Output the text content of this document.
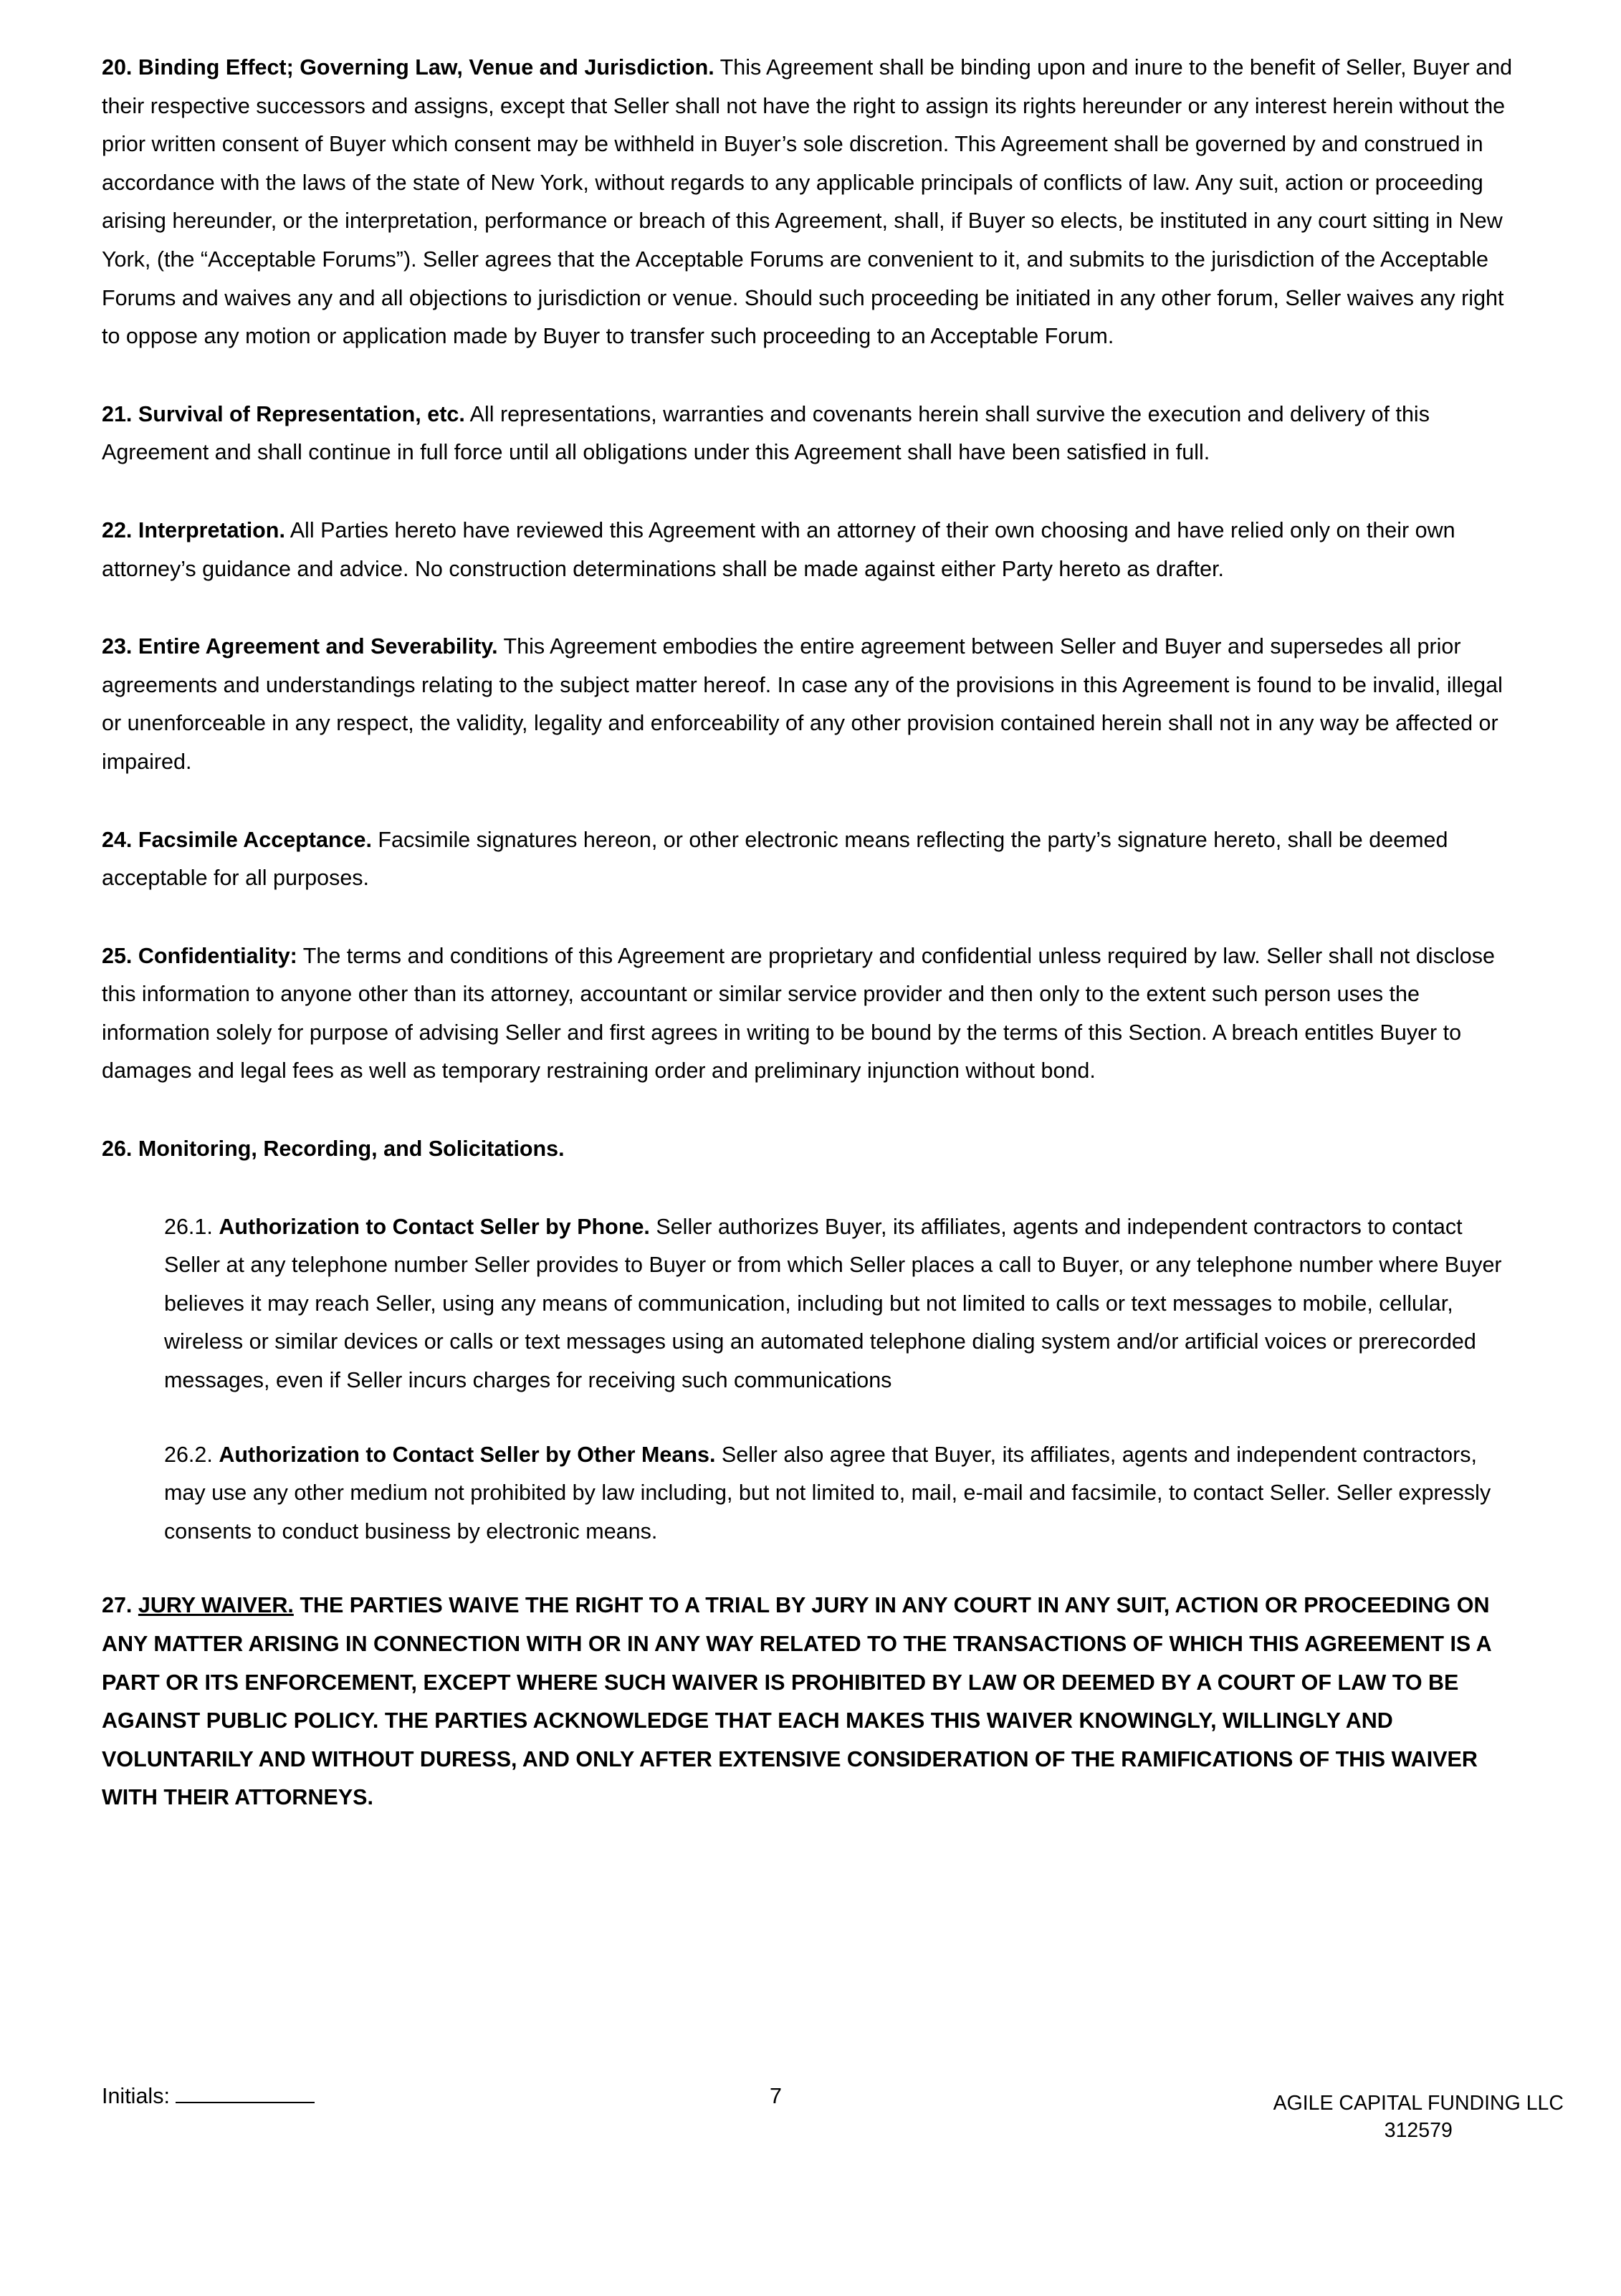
20. Binding Effect; Governing Law, Venue and Jurisdiction. This Agreement shall be binding upon and inure to the benefit of Seller, Buyer and their respective successors and assigns, except that Seller shall not have the right to assign its rights hereunder or any interest herein without the prior written consent of Buyer which consent may be withheld in Buyer’s sole discretion. This Agreement shall be governed by and construed in accordance with the laws of the state of New York, without regards to any applicable principals of conflicts of law. Any suit, action or proceeding arising hereunder, or the interpretation, performance or breach of this Agreement, shall, if Buyer so elects, be instituted in any court sitting in New York, (the “Acceptable Forums”). Seller agrees that the Acceptable Forums are convenient to it, and submits to the jurisdiction of the Acceptable Forums and waives any and all objections to jurisdiction or venue. Should such proceeding be initiated in any other forum, Seller waives any right to oppose any motion or application made by Buyer to transfer such proceeding to an Acceptable Forum.

21. Survival of Representation, etc. All representations, warranties and covenants herein shall survive the execution and delivery of this Agreement and shall continue in full force until all obligations under this Agreement shall have been satisfied in full.

22. Interpretation. All Parties hereto have reviewed this Agreement with an attorney of their own choosing and have relied only on their own attorney’s guidance and advice. No construction determinations shall be made against either Party hereto as drafter.

23. Entire Agreement and Severability. This Agreement embodies the entire agreement between Seller and Buyer and supersedes all prior agreements and understandings relating to the subject matter hereof. In case any of the provisions in this Agreement is found to be invalid, illegal or unenforceable in any respect, the validity, legality and enforceability of any other provision contained herein shall not in any way be affected or impaired.

24. Facsimile Acceptance. Facsimile signatures hereon, or other electronic means reflecting the party’s signature hereto, shall be deemed acceptable for all purposes.

25. Confidentiality: The terms and conditions of this Agreement are proprietary and confidential unless required by law. Seller shall not disclose this information to anyone other than its attorney, accountant or similar service provider and then only to the extent such person uses the information solely for purpose of advising Seller and first agrees in writing to be bound by the terms of this Section. A breach entitles Buyer to damages and legal fees as well as temporary restraining order and preliminary injunction without bond.

26. Monitoring, Recording, and Solicitations.

26.1. Authorization to Contact Seller by Phone. Seller authorizes Buyer, its affiliates, agents and independent contractors to contact Seller at any telephone number Seller provides to Buyer or from which Seller places a call to Buyer, or any telephone number where Buyer believes it may reach Seller, using any means of communication, including but not limited to calls or text messages to mobile, cellular, wireless or similar devices or calls or text messages using an automated telephone dialing system and/or artificial voices or prerecorded messages, even if Seller incurs charges for receiving such communications

26.2. Authorization to Contact Seller by Other Means. Seller also agree that Buyer, its affiliates, agents and independent contractors, may use any other medium not prohibited by law including, but not limited to, mail, e-mail and facsimile, to contact Seller. Seller expressly consents to conduct business by electronic means.

27. JURY WAIVER. THE PARTIES WAIVE THE RIGHT TO A TRIAL BY JURY IN ANY COURT IN ANY SUIT, ACTION OR PROCEEDING ON ANY MATTER ARISING IN CONNECTION WITH OR IN ANY WAY RELATED TO THE TRANSACTIONS OF WHICH THIS AGREEMENT IS A PART OR ITS ENFORCEMENT, EXCEPT WHERE SUCH WAIVER IS PROHIBITED BY LAW OR DEEMED BY A COURT OF LAW TO BE AGAINST PUBLIC POLICY. THE PARTIES ACKNOWLEDGE THAT EACH MAKES THIS WAIVER KNOWINGLY, WILLINGLY AND VOLUNTARILY AND WITHOUT DURESS, AND ONLY AFTER EXTENSIVE CONSIDERATION OF THE RAMIFICATIONS OF THIS WAIVER WITH THEIR ATTORNEYS.

Initials:	7	AGILE CAPITAL FUNDING LLC
312579
